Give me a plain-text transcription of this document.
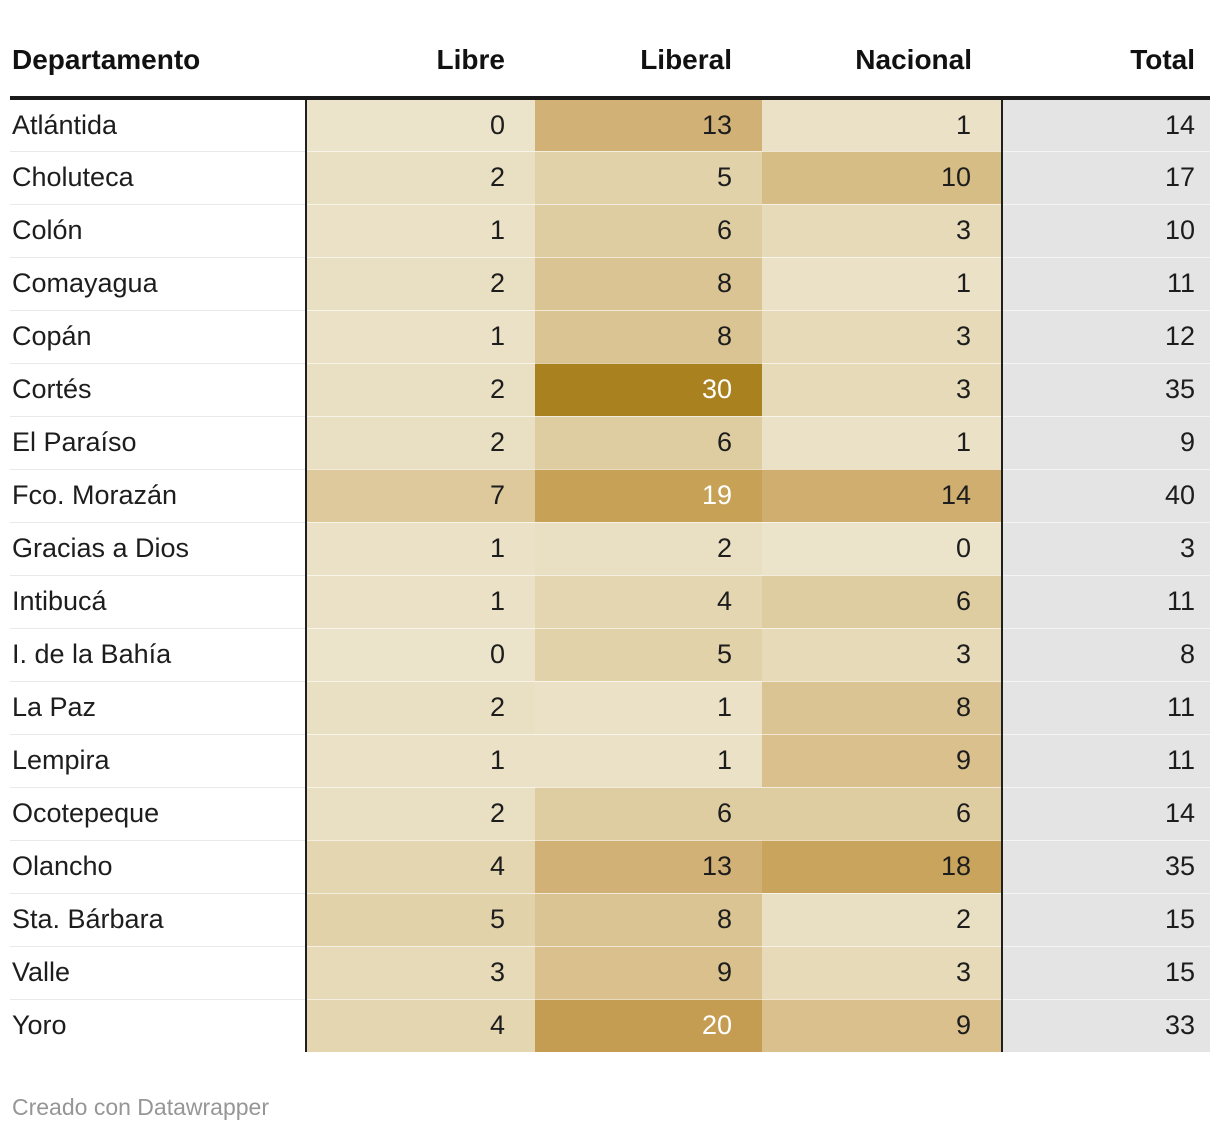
Departamento	Libre	Liberal	Nacional	Total
Atlántida	0	13	1	14
Choluteca	2	5	10	17
Colón	1	6	3	10
Comayagua	2	8	1	11
Copán	1	8	3	12
Cortés	2	30	3	35
El Paraíso	2	6	1	9
Fco. Morazán	7	19	14	40
Gracias a Dios	1	2	0	3
Intibucá	1	4	6	11
I. de la Bahía	0	5	3	8
La Paz	2	1	8	11
Lempira	1	1	9	11
Ocotepeque	2	6	6	14
Olancho	4	13	18	35
Sta. Bárbara	5	8	2	15
Valle	3	9	3	15
Yoro	4	20	9	33
Creado con Datawrapper
